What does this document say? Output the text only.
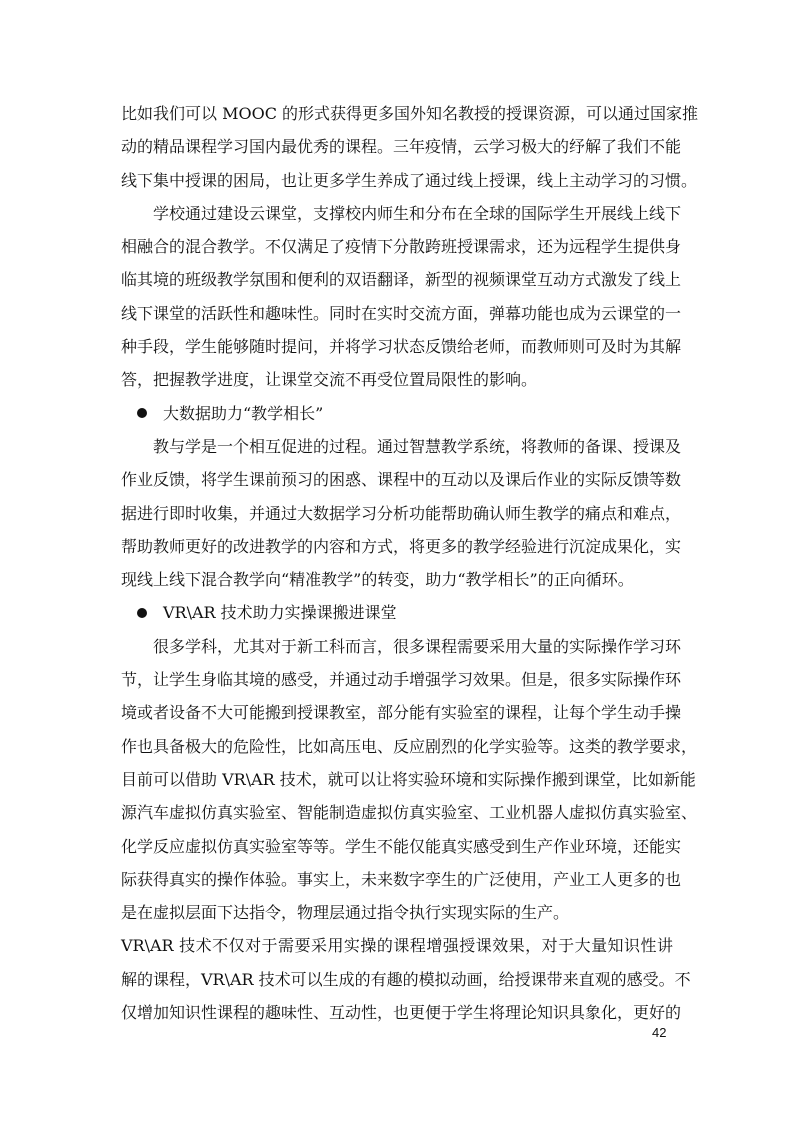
比如我们可以 MOOC 的形式获得更多国外知名教授的授课资源，可以通过国家推
动的精品课程学习国内最优秀的课程。三年疫情，云学习极大的纾解了我们不能
线下集中授课的困局，也让更多学生养成了通过线上授课，线上主动学习的习惯。
学校通过建设云课堂，支撑校内师生和分布在全球的国际学生开展线上线下
相融合的混合教学。不仅满足了疫情下分散跨班授课需求，还为远程学生提供身
临其境的班级教学氛围和便利的双语翻译，新型的视频课堂互动方式激发了线上
线下课堂的活跃性和趣味性。同时在实时交流方面，弹幕功能也成为云课堂的一
种手段，学生能够随时提问，并将学习状态反馈给老师，而教师则可及时为其解
答，把握教学进度，让课堂交流不再受位置局限性的影响。
大数据助力“教学相长”
教与学是一个相互促进的过程。通过智慧教学系统，将教师的备课、授课及
作业反馈，将学生课前预习的困惑、课程中的互动以及课后作业的实际反馈等数
据进行即时收集，并通过大数据学习分析功能帮助确认师生教学的痛点和难点，
帮助教师更好的改进教学的内容和方式，将更多的教学经验进行沉淀成果化，实
现线上线下混合教学向“精准教学”的转变，助力“教学相长”的正向循环。
VR\AR 技术助力实操课搬进课堂
很多学科，尤其对于新工科而言，很多课程需要采用大量的实际操作学习环
节，让学生身临其境的感受，并通过动手增强学习效果。但是，很多实际操作环
境或者设备不大可能搬到授课教室，部分能有实验室的课程，让每个学生动手操
作也具备极大的危险性，比如高压电、反应剧烈的化学实验等。这类的教学要求，
目前可以借助 VR\AR 技术，就可以让将实验环境和实际操作搬到课堂，比如新能
源汽车虚拟仿真实验室、智能制造虚拟仿真实验室、工业机器人虚拟仿真实验室、
化学反应虚拟仿真实验室等等。学生不能仅能真实感受到生产作业环境，还能实
际获得真实的操作体验。事实上，未来数字孪生的广泛使用，产业工人更多的也
是在虚拟层面下达指令，物理层通过指令执行实现实际的生产。
VR\AR 技术不仅对于需要采用实操的课程增强授课效果，对于大量知识性讲
解的课程，VR\AR 技术可以生成的有趣的模拟动画，给授课带来直观的感受。不
仅增加知识性课程的趣味性、互动性，也更便于学生将理论知识具象化，更好的
42
